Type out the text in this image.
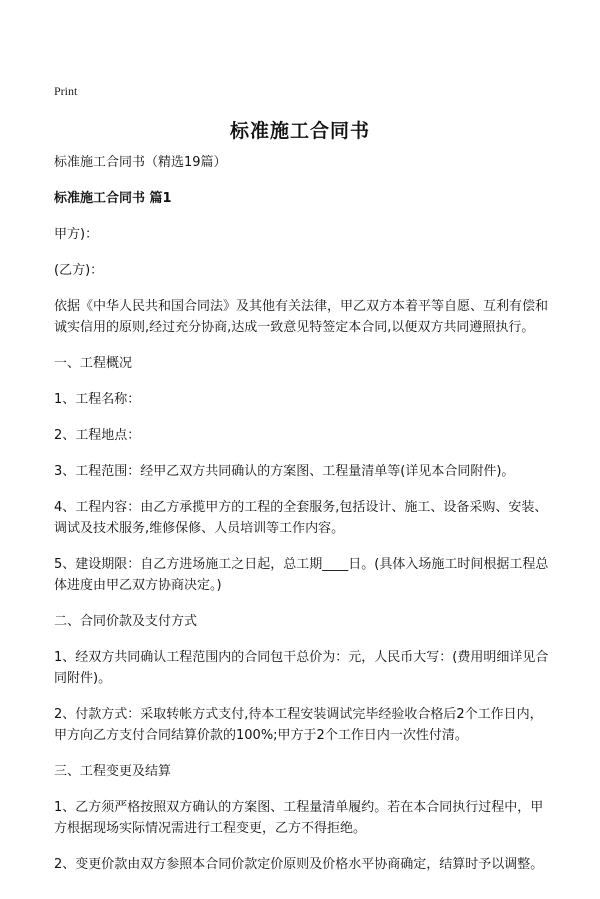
Print
标准施工合同书

标准施工合同书（精选19篇）

标准施工合同书 篇1

甲方)：

(乙方)：

依据《中华人民共和国合同法》及其他有关法律，甲乙双方本着平等自愿、互利有偿和诚实信用的原则,经过充分协商,达成一致意见特签定本合同,以便双方共同遵照执行。

一、工程概况

1、工程名称：

2、工程地点：

3、工程范围：经甲乙双方共同确认的方案图、工程量清单等(详见本合同附件)。

4、工程内容：由乙方承揽甲方的工程的全套服务,包括设计、施工、设备采购、安装、调试及技术服务,维修保修、人员培训等工作内容。

5、建设期限：自乙方进场施工之日起，总工期____日。(具体入场施工时间根据工程总体进度由甲乙双方协商决定。)

二、合同价款及支付方式

1、经双方共同确认工程范围内的合同包干总价为：元，人民币大写：(费用明细详见合同附件)。

2、付款方式：采取转帐方式支付,待本工程安装调试完毕经验收合格后2个工作日内，甲方向乙方支付合同结算价款的100%;甲方于2个工作日内一次性付清。

三、工程变更及结算

1、乙方须严格按照双方确认的方案图、工程量清单履约。若在本合同执行过程中，甲方根据现场实际情况需进行工程变更，乙方不得拒绝。

2、变更价款由双方参照本合同价款定价原则及价格水平协商确定，结算时予以调整。
